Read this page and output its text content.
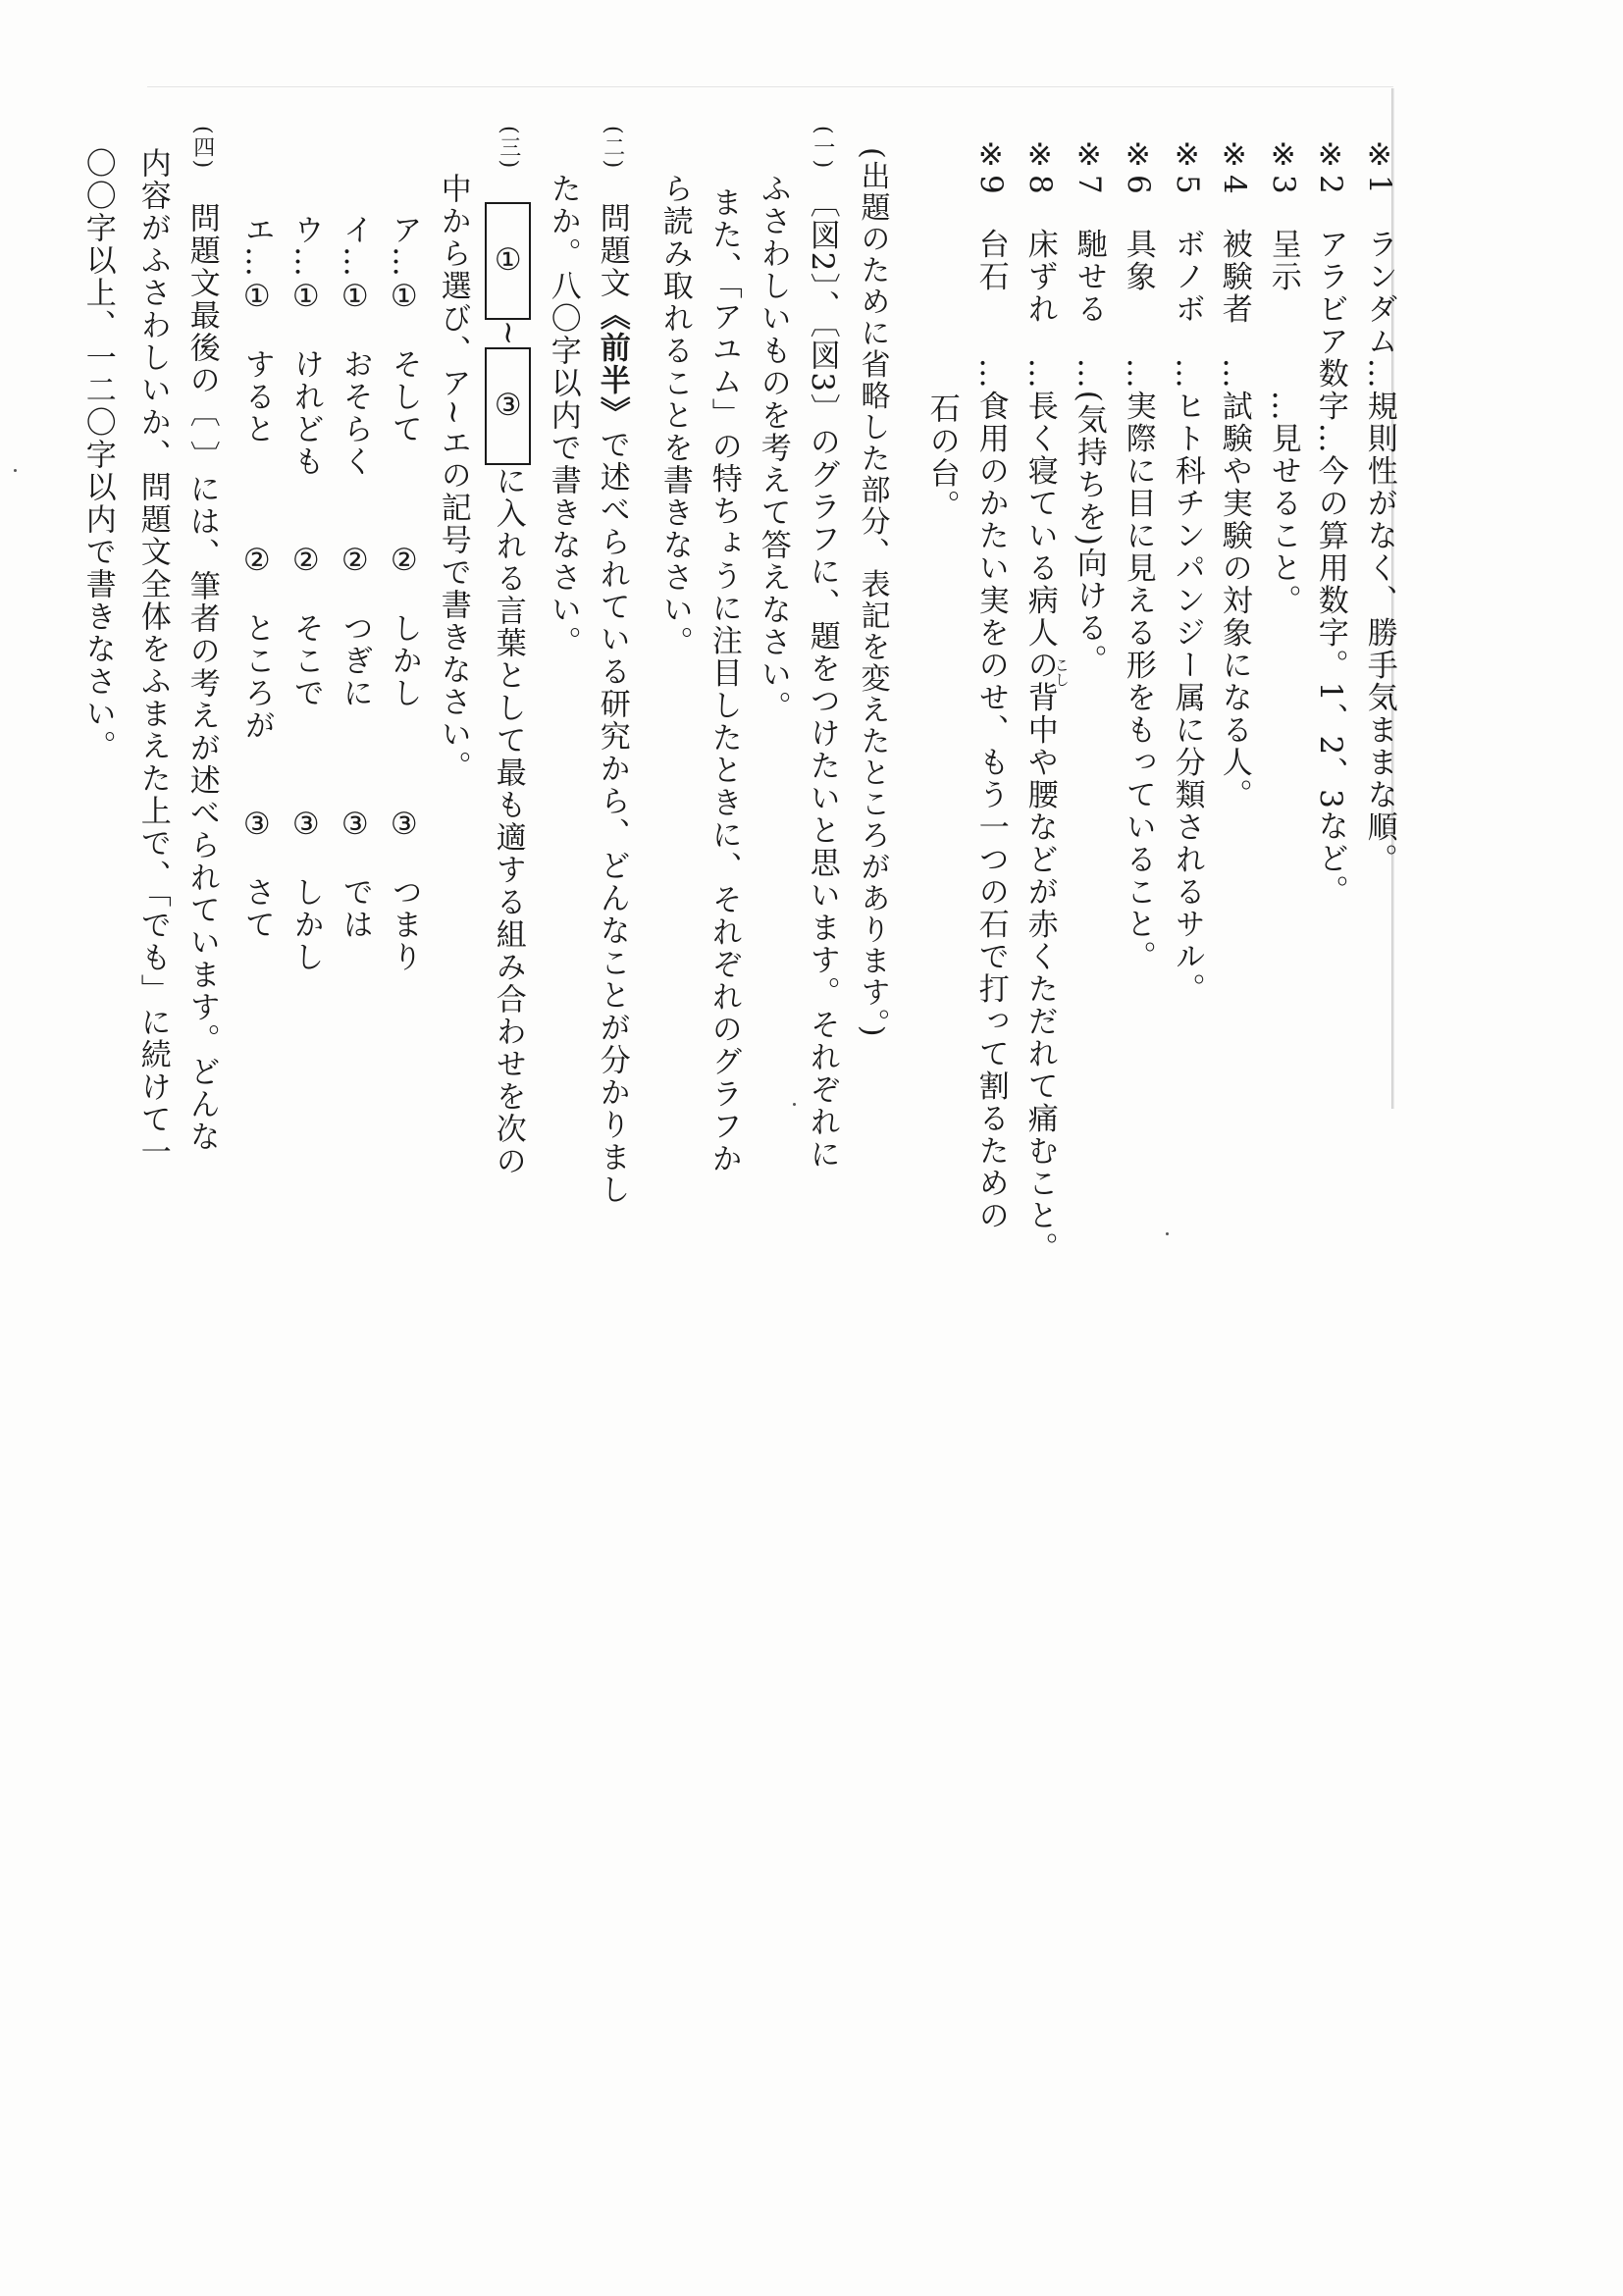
※1　ランダム…規則性がなく、勝手気ままな順。
※2　アラビア数字…今の算用数字。1、2、3など。
※3　呈示　　　…見せること。
※4　被験者　…試験や実験の対象になる人。
※5　ボノボ　…ヒト科チンパンジー属に分類されるサル。
※6　具象　　…実際に目に見える形をもっていること。
※7　馳せる　…(気持ちを)向ける。
※8　床ずれ　…長く寝ている病人の背中や腰などが赤くただれて痛むこと。
こし
※9　台石　　…食用のかたい実をのせ、もう一つの石で打って割るための
石の台。
(出題のために省略した部分、表記を変えたところがあります。)
(一)　〔図2〕、〔図3〕のグラフに、題をつけたいと思います。それぞれに
ふさわしいものを考えて答えなさい。
また、「アユム」の特ちょうに注目したときに、それぞれのグラフか
ら読み取れることを書きなさい。
(二)　問題文《前半》で述べられている研究から、どんなことが分かりまし
たか。八〇字以内で書きなさい。
(三)　　①　~　③　に入れる言葉として最も適する組み合わせを次の
中から選び、ア~エの記号で書きなさい。
ア…①　そして　　　②　しかし　　　③　つまり
イ…①　おそらく　　②　つぎに　　　③　では
ウ…①　けれども　　②　そこで　　　③　しかし
エ…①　すると　　　②　ところが　　③　さて
(四)　問題文最後の〔 〕には、筆者の考えが述べられています。どんな
内容がふさわしいか、問題文全体をふまえた上で、「でも」に続けて一
〇〇字以上、一二〇字以内で書きなさい。
